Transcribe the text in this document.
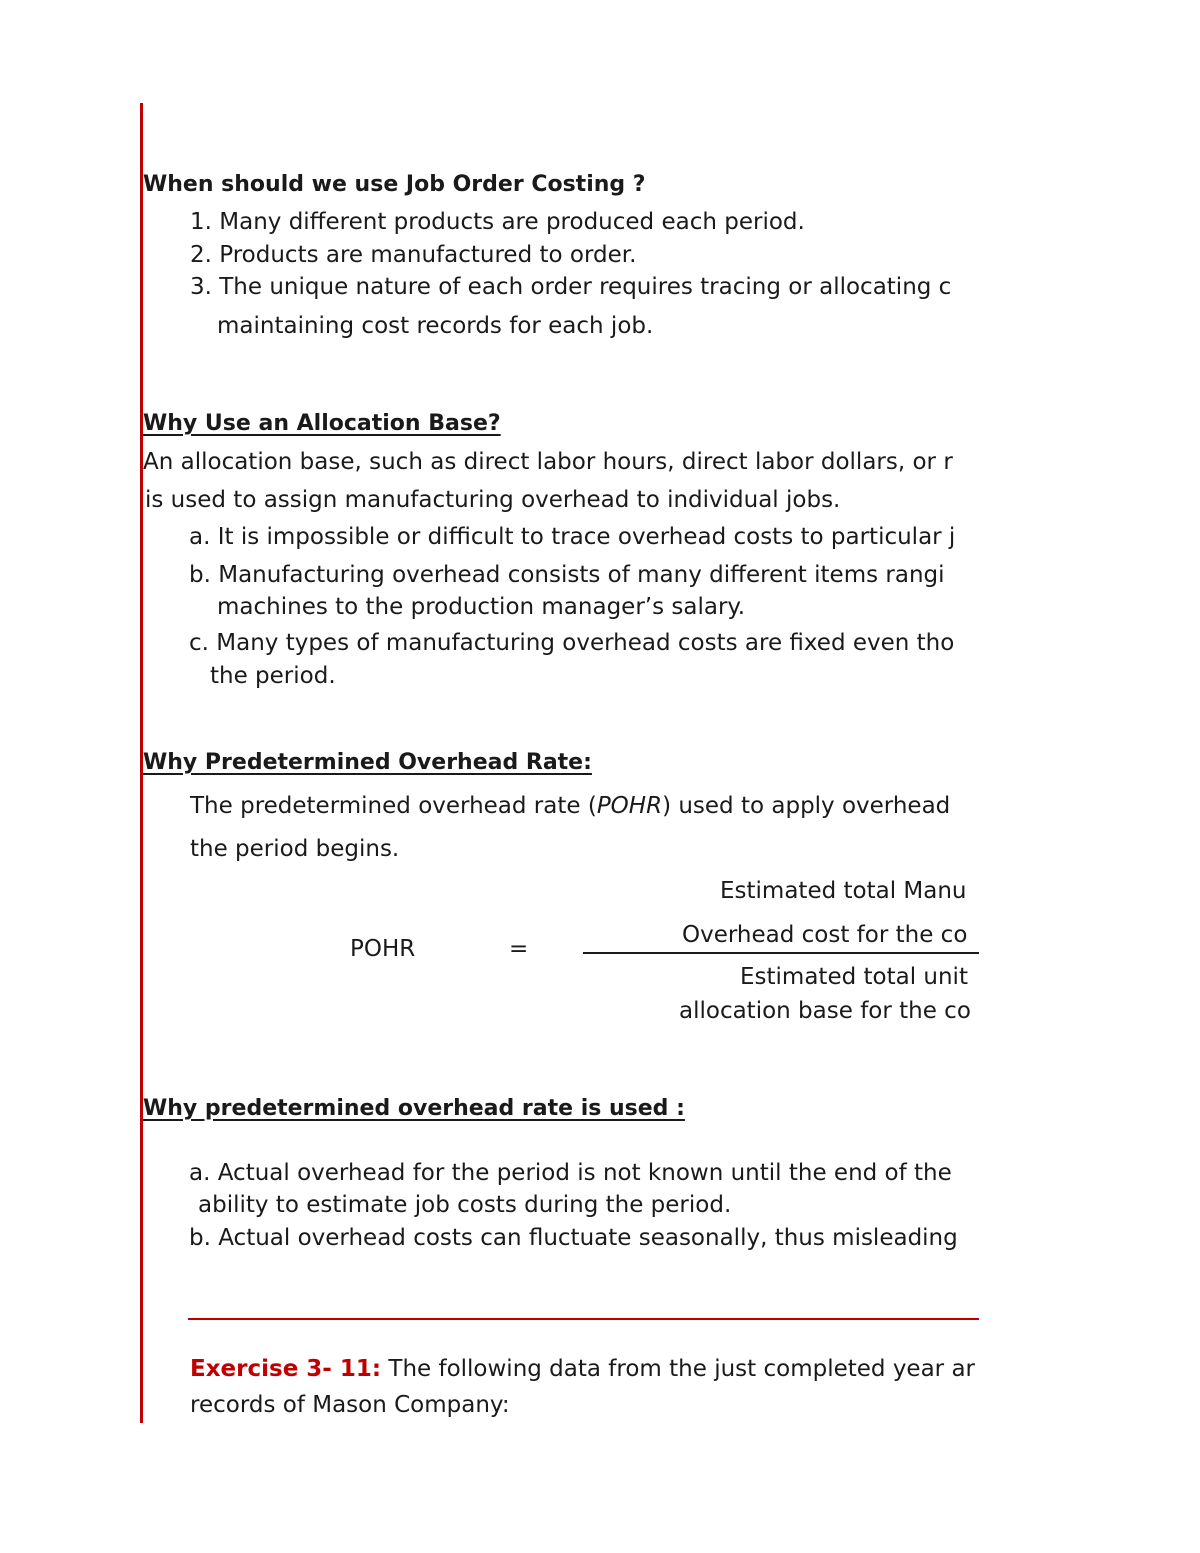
When should we use Job Order Costing ?
1. Many different products are produced each period.
2. Products are manufactured to order.
3. The unique nature of each order requires tracing or allocating c
maintaining cost records for each job.
Why Use an Allocation Base?
An allocation base, such as direct labor hours, direct labor dollars, or r
is used to assign manufacturing overhead to individual jobs.
a. It is impossible or difficult to trace overhead costs to particular j
b. Manufacturing overhead consists of many different items rangi
c. Many types of manufacturing overhead costs are fixed even tho
machines to the production manager’s salary.
the period.
Why Predetermined Overhead Rate:
The predetermined overhead rate (POHR) used to apply overhead
the period begins.
POHR	=
Estimated total Manu
Overhead cost for the co
Estimated total unit
allocation base for the co
Why predetermined overhead rate is used :
a. Actual overhead for the period is not known until the end of the
b. Actual overhead costs can fluctuate seasonally, thus misleading
ability to estimate job costs during the period.
Exercise 3- 11: The following data from the just completed year ar
records of Mason Company:
